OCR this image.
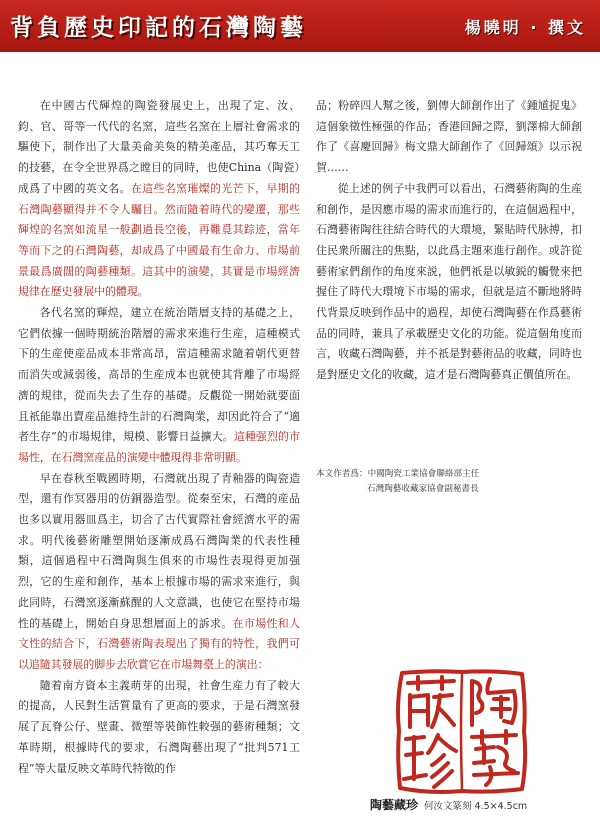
背負歷史印記的石灣陶藝	楊曉明 · 撰文

在中國古代輝煌的陶瓷發展史上，出現了定、汝、鈞、官、哥等一代代的名窯，這些名窯在上層社會需求的驅使下，制作出了大量美侖美奐的精美產品，其巧奪天工的技藝，在令全世界爲之瞠目的同時，也使China（陶瓷）成爲了中國的英文名。在這些名窯璀燦的光芒下，早期的石灣陶藝顯得并不令人矚目。然而隨着時代的變遷，那些輝煌的名窯如流星一般劃過長空後，再難覓其踪迹，當年等而下之的石灣陶藝，却成爲了中國最有生命力、市場前景最爲廣闊的陶藝種類。這其中的演變，其實是市場經濟規律在歷史發展中的體現。

各代名窯的輝煌，建立在統治階層支持的基礎之上，它們依據一個時期統治階層的需求來進行生産，這種模式下的生産使産品成本非常高昂，當這種需求隨着朝代更替而消失或減弱後，高昂的生産成本也就使其背離了市場經濟的規律，從而失去了生存的基礎。反觀從一開始就要面且祇能靠出賣産品維持生計的石灣陶業，却因此符合了“適者生存”的市場規律，規模、影響日益擴大。這種强烈的市場性，在石灣窯産品的演變中體現得非常明顯。

早在春秋至戰國時期，石灣就出現了青釉器的陶瓷造型，還有作冥器用的仿銅器造型。從秦至宋，石灣的産品也多以實用器皿爲主，切合了古代實際社會經濟水平的需求。明代後藝術雕塑開始逐漸成爲石灣陶業的代表性種類，這個過程中石灣陶與生俱來的市場性表現得更加强烈，它的生産和創作，基本上根據市場的需求來進行，與此同時，石灣窯逐漸蘇醒的人文意識，也使它在堅持市場性的基礎上，開始自身思想層面上的訴求。在市場性和人文性的結合下，石灣藝術陶表現出了獨有的特性，我們可以追隨其發展的脚步去欣賞它在市場舞臺上的演出：

隨着南方資本主義萌芽的出現，社會生産力有了較大的提高，人民對生活質量有了更高的要求，于是石灣窯發展了瓦脊公仔、壁畫、微塑等裝飾性較强的藝術種類；文革時期，根據時代的要求，石灣陶藝出現了“批判571工程”等大量反映文革時代特徵的作

品；粉碎四人幫之後，劉傳大師創作出了《鍾馗捉鬼》這個象徵性極强的作品；香港回歸之際，劉澤棉大師創作了《喜慶回歸》梅文鼎大師創作了《回歸頌》以示祝賀……

從上述的例子中我們可以看出，石灣藝術陶的生産和創作，是因應市場的需求而進行的，在這個過程中，石灣藝術陶往往結合時代的大環境，緊貼時代脉搏，扣住民衆所關注的焦點，以此爲主題來進行創作。或許從藝術家們創作的角度來説，他們祇是以敏鋭的觸覺來把握住了時代大環境下市場的需求，但就是這不斷地將時代背景反映到作品中的過程，却使石灣陶藝在作爲藝術品的同時，兼具了承載歷史文化的功能。從這個角度而言，收藏石灣陶藝，并不祇是對藝術品的收藏，同時也是對歷史文化的收藏，這才是石灣陶藝真正價值所在。

本文作者爲：中國陶瓷工業協會聯絡部主任
石灣陶藝收藏家協會副秘書長
陶藝藏珍 何汝文篆刻 4.5×4.5cm
